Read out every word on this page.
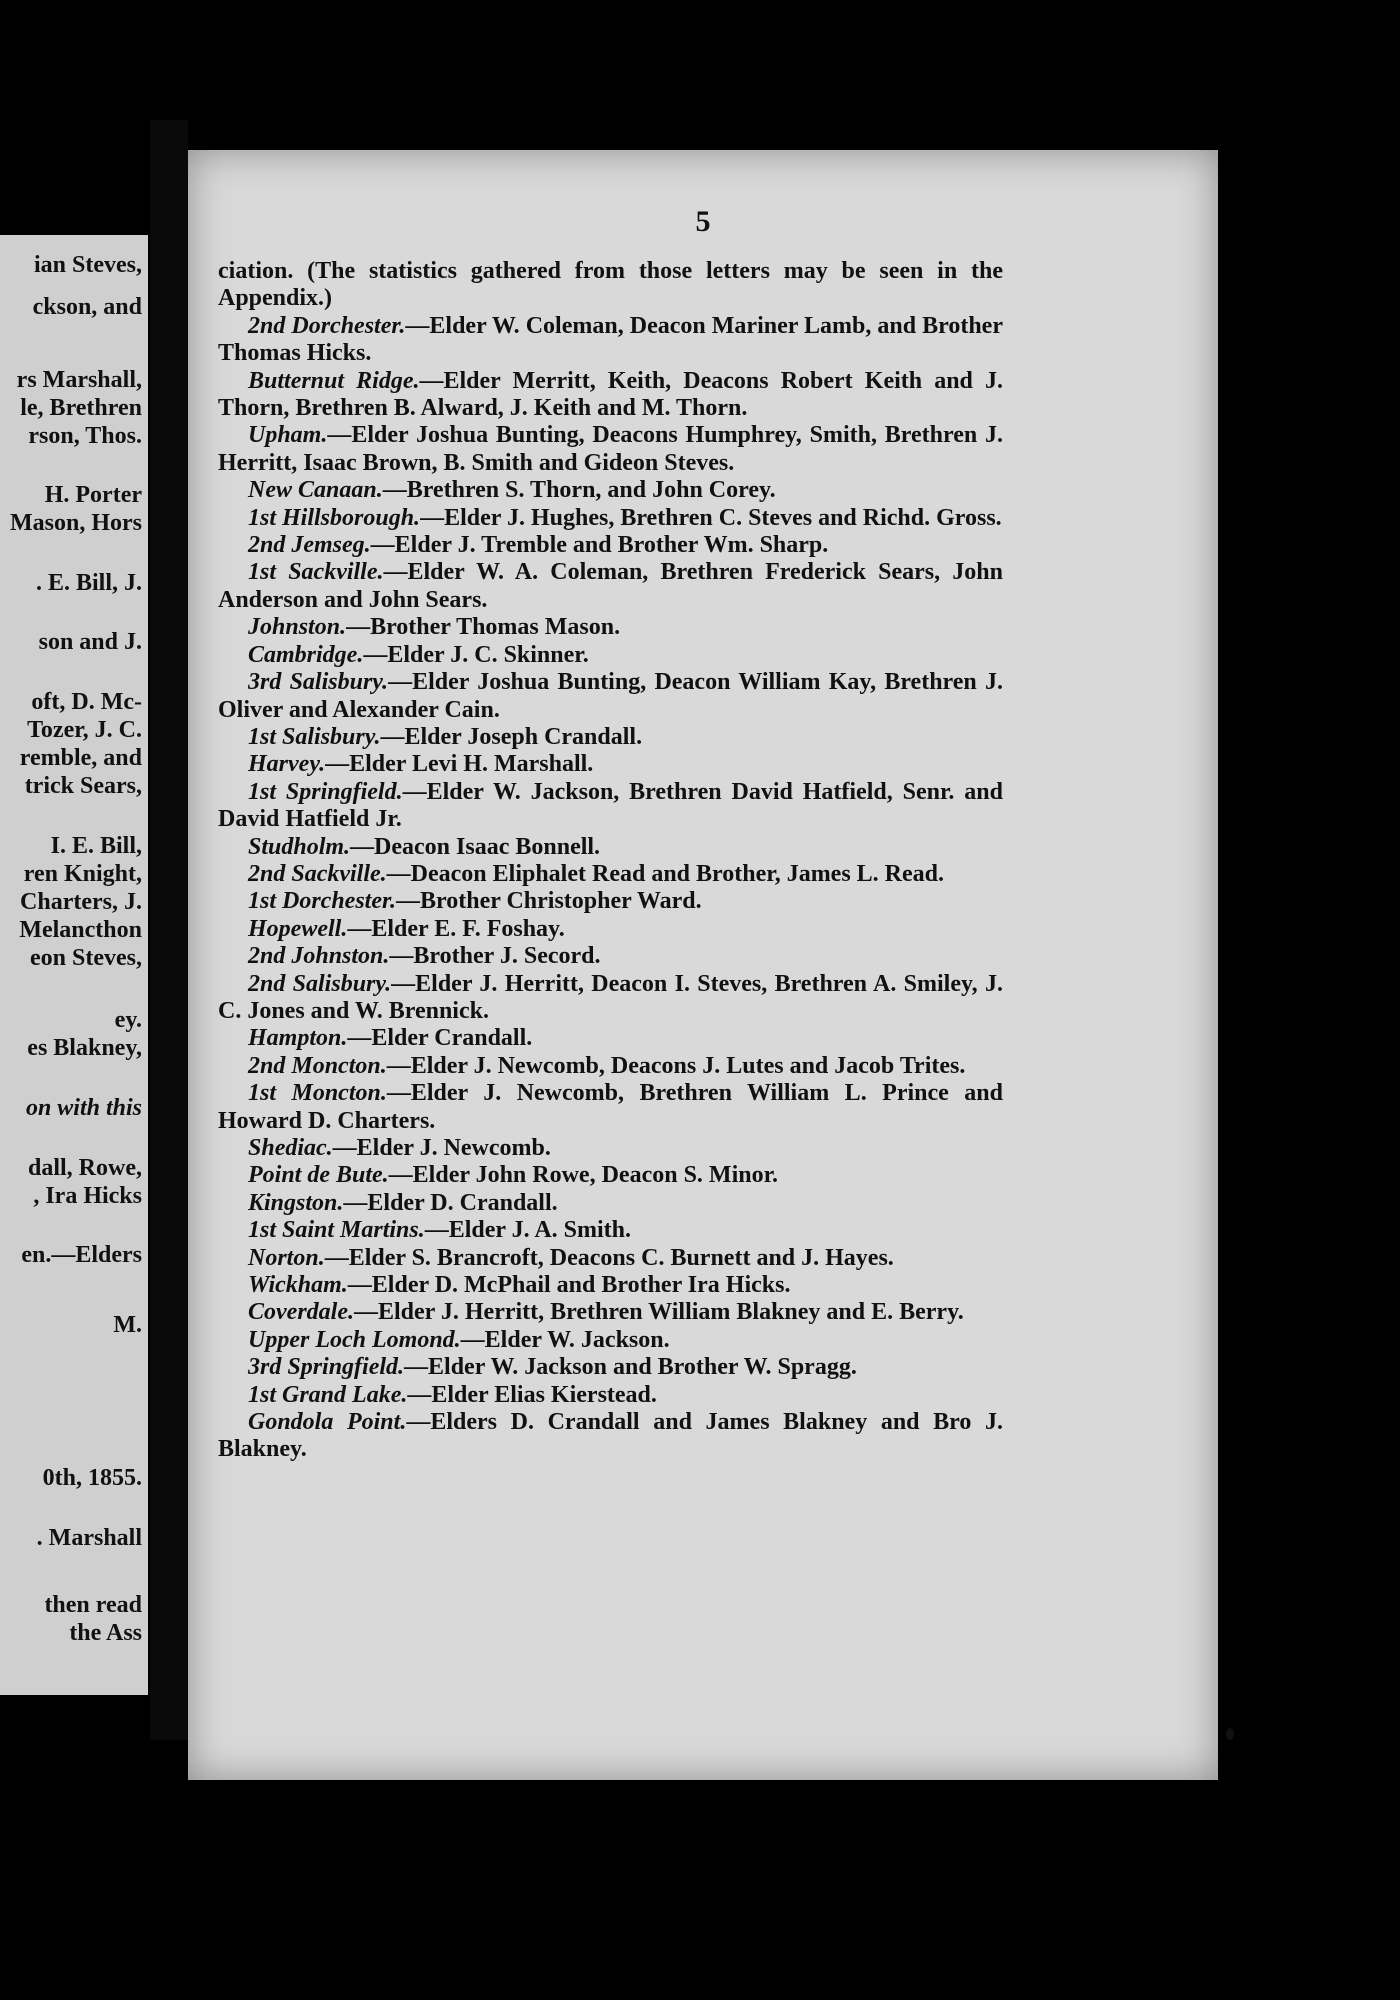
ian Steves,
ckson, and
rs Marshall,
le, Brethren
rson, Thos.
H. Porter
Mason, Hors
. E. Bill, J.
son and J.
oft, D. Mc-
Tozer, J. C.
remble, and
trick Sears,
I. E. Bill,
ren Knight,
Charters, J.
Melancthon
eon Steves,
ey.
es Blakney,
on with this
dall, Rowe,
, Ira Hicks
en.—Elders
M.
0th, 1855.
. Marshall
then read
the Ass
5

ciation. (The statistics gathered from those letters may be seen in the Appendix.)

2nd Dorchester.—Elder W. Coleman, Deacon Mariner Lamb, and Brother Thomas Hicks.

Butternut Ridge.—Elder Merritt, Keith, Deacons Robert Keith and J. Thorn, Brethren B. Alward, J. Keith and M. Thorn.

Upham.—Elder Joshua Bunting, Deacons Humphrey, Smith, Brethren J. Herritt, Isaac Brown, B. Smith and Gideon Steves.

New Canaan.—Brethren S. Thorn, and John Corey.

1st Hillsborough.—Elder J. Hughes, Brethren C. Steves and Richd. Gross.

2nd Jemseg.—Elder J. Tremble and Brother Wm. Sharp.

1st Sackville.—Elder W. A. Coleman, Brethren Frederick Sears, John Anderson and John Sears.

Johnston.—Brother Thomas Mason.

Cambridge.—Elder J. C. Skinner.

3rd Salisbury.—Elder Joshua Bunting, Deacon William Kay, Brethren J. Oliver and Alexander Cain.

1st Salisbury.—Elder Joseph Crandall.

Harvey.—Elder Levi H. Marshall.

1st Springfield.—Elder W. Jackson, Brethren David Hatfield, Senr. and David Hatfield Jr.

Studholm.—Deacon Isaac Bonnell.

2nd Sackville.—Deacon Eliphalet Read and Brother, James L. Read.

1st Dorchester.—Brother Christopher Ward.

Hopewell.—Elder E. F. Foshay.

2nd Johnston.—Brother J. Secord.

2nd Salisbury.—Elder J. Herritt, Deacon I. Steves, Brethren A. Smiley, J. C. Jones and W. Brennick.

Hampton.—Elder Crandall.

2nd Moncton.—Elder J. Newcomb, Deacons J. Lutes and Jacob Trites.

1st Moncton.—Elder J. Newcomb, Brethren William L. Prince and Howard D. Charters.

Shediac.—Elder J. Newcomb.

Point de Bute.—Elder John Rowe, Deacon S. Minor.

Kingston.—Elder D. Crandall.

1st Saint Martins.—Elder J. A. Smith.

Norton.—Elder S. Brancroft, Deacons C. Burnett and J. Hayes.

Wickham.—Elder D. McPhail and Brother Ira Hicks.

Coverdale.—Elder J. Herritt, Brethren William Blakney and E. Berry.

Upper Loch Lomond.—Elder W. Jackson.

3rd Springfield.—Elder W. Jackson and Brother W. Spragg.

1st Grand Lake.—Elder Elias Kierstead.

Gondola Point.—Elders D. Crandall and James Blakney and Bro J. Blakney.
